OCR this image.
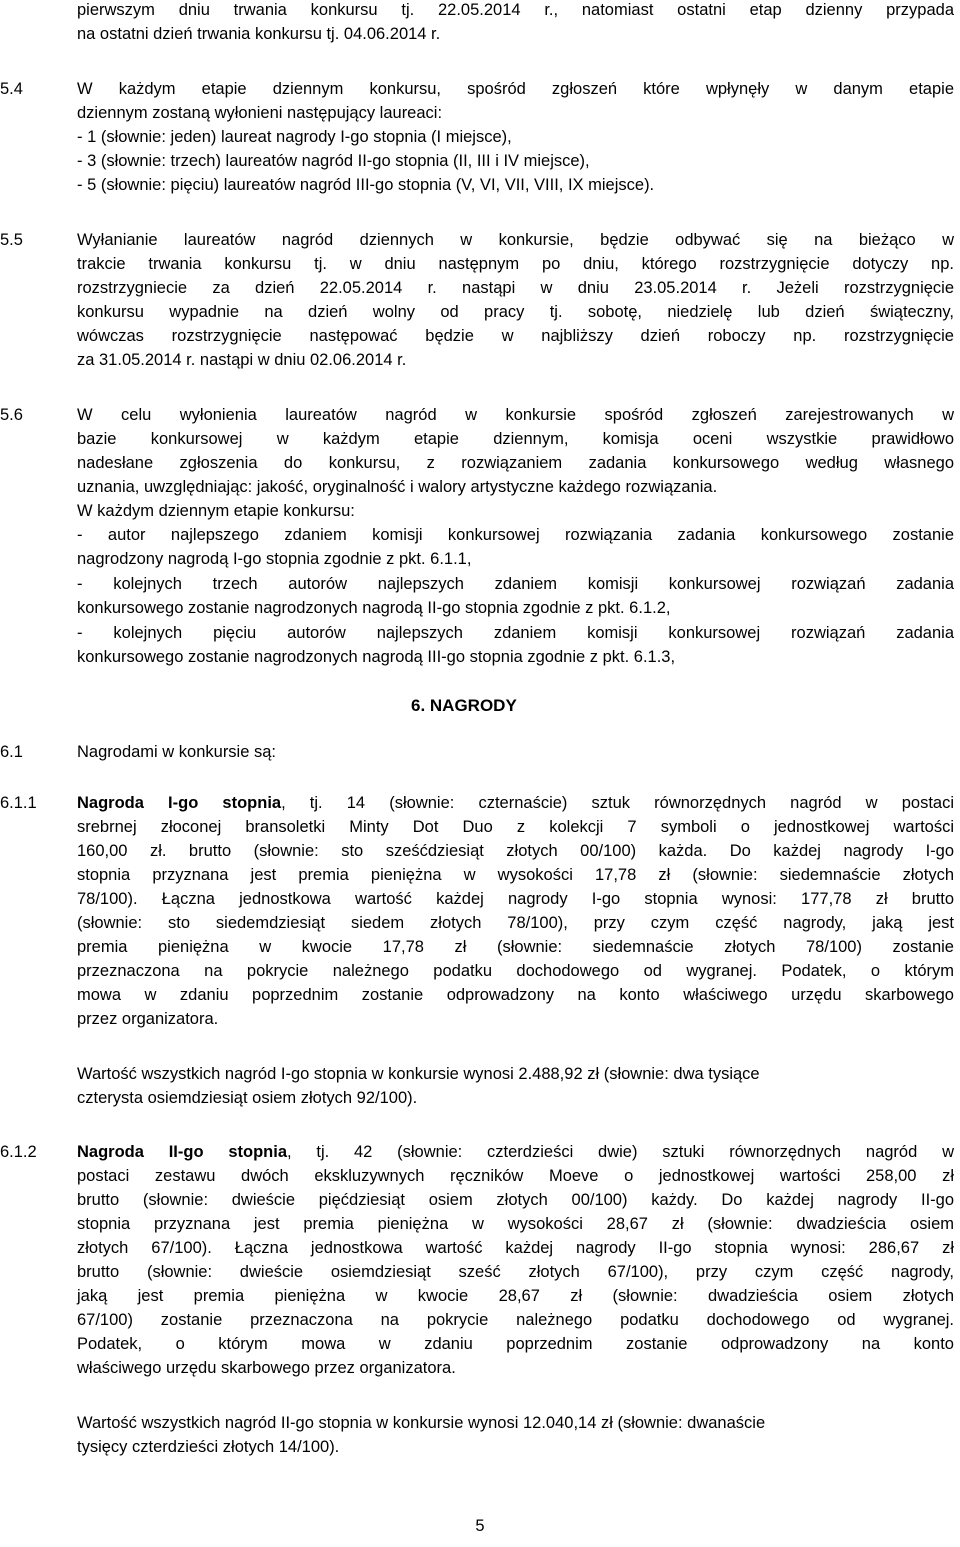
pierwszym dniu trwania konkursu tj. 22.05.2014 r., natomiast ostatni etap dzienny przypada
na ostatni dzień trwania konkursu tj. 04.06.2014 r.
5.4	W każdym etapie dziennym konkursu, spośród zgłoszeń które wpłynęły w danym etapie
dziennym zostaną wyłonieni następujący laureaci:
- 1 (słownie: jeden) laureat nagrody I-go stopnia (I miejsce),
- 3 (słownie: trzech) laureatów nagród II-go stopnia (II, III i IV miejsce),
- 5 (słownie: pięciu) laureatów nagród III-go stopnia (V, VI, VII, VIII, IX miejsce).
5.5	Wyłanianie laureatów nagród dziennych w konkursie, będzie odbywać się na bieżąco w
trakcie trwania konkursu tj. w dniu następnym po dniu, którego rozstrzygnięcie dotyczy np.
rozstrzygniecie za dzień 22.05.2014 r. nastąpi w dniu 23.05.2014 r. Jeżeli rozstrzygnięcie
konkursu wypadnie na dzień wolny od pracy tj. sobotę, niedzielę lub dzień świąteczny,
wówczas rozstrzygnięcie następować będzie w najbliższy dzień roboczy np. rozstrzygnięcie
za 31.05.2014 r. nastąpi w dniu 02.06.2014 r.
5.6	W celu wyłonienia laureatów nagród w konkursie spośród zgłoszeń zarejestrowanych w
bazie konkursowej w każdym etapie dziennym, komisja oceni wszystkie prawidłowo
nadesłane zgłoszenia do konkursu, z rozwiązaniem zadania konkursowego według własnego
uznania, uwzględniając: jakość, oryginalność i walory artystyczne każdego rozwiązania.
W każdym dziennym etapie konkursu:
- autor najlepszego zdaniem komisji konkursowej rozwiązania zadania konkursowego zostanie
nagrodzony nagrodą I-go stopnia zgodnie z pkt. 6.1.1,
- kolejnych trzech autorów najlepszych zdaniem komisji konkursowej rozwiązań zadania
konkursowego zostanie nagrodzonych nagrodą II-go stopnia zgodnie z pkt. 6.1.2,
- kolejnych pięciu autorów najlepszych zdaniem komisji konkursowej rozwiązań zadania
konkursowego zostanie nagrodzonych nagrodą III-go stopnia zgodnie z pkt. 6.1.3,
6. NAGRODY
6.1	Nagrodami w konkursie są:
6.1.1 Nagroda I-go stopnia, tj. 14 (słownie: czternaście) sztuk równorzędnych nagród w postaci
srebrnej złoconej bransoletki Minty Dot Duo z kolekcji 7 symboli o jednostkowej wartości
160,00 zł. brutto (słownie: sto sześćdziesiąt złotych 00/100) każda. Do każdej nagrody I-go
stopnia przyznana jest premia pieniężna w wysokości 17,78 zł (słownie: siedemnaście złotych
78/100). Łączna jednostkowa wartość każdej nagrody I-go stopnia wynosi: 177,78 zł brutto
(słownie: sto siedemdziesiąt siedem złotych 78/100), przy czym część nagrody, jaką jest
premia pieniężna w kwocie 17,78 zł (słownie: siedemnaście złotych 78/100) zostanie
przeznaczona na pokrycie należnego podatku dochodowego od wygranej. Podatek, o którym
mowa w zdaniu poprzednim zostanie odprowadzony na konto właściwego urzędu skarbowego
przez organizatora.
Wartość wszystkich nagród I-go stopnia w konkursie wynosi 2.488,92 zł (słownie: dwa tysiące
czterysta osiemdziesiąt osiem złotych 92/100).
6.1.2 Nagroda II-go stopnia, tj. 42 (słownie: czterdzieści dwie) sztuki równorzędnych nagród w
postaci zestawu dwóch ekskluzywnych ręczników Moeve o jednostkowej wartości 258,00 zł
brutto (słownie: dwieście pięćdziesiąt osiem złotych 00/100) każdy. Do każdej nagrody II-go
stopnia przyznana jest premia pieniężna w wysokości 28,67 zł (słownie: dwadzieścia osiem
złotych 67/100). Łączna jednostkowa wartość każdej nagrody II-go stopnia wynosi: 286,67 zł
brutto (słownie: dwieście osiemdziesiąt sześć złotych 67/100), przy czym część nagrody,
jaką jest premia pieniężna w kwocie 28,67 zł (słownie: dwadzieścia osiem złotych
67/100) zostanie przeznaczona na pokrycie należnego podatku dochodowego od wygranej.
Podatek, o którym mowa w zdaniu poprzednim zostanie odprowadzony na konto
właściwego urzędu skarbowego przez organizatora.
Wartość wszystkich nagród II-go stopnia w konkursie wynosi 12.040,14 zł (słownie: dwanaście
tysięcy czterdzieści złotych 14/100).
5
